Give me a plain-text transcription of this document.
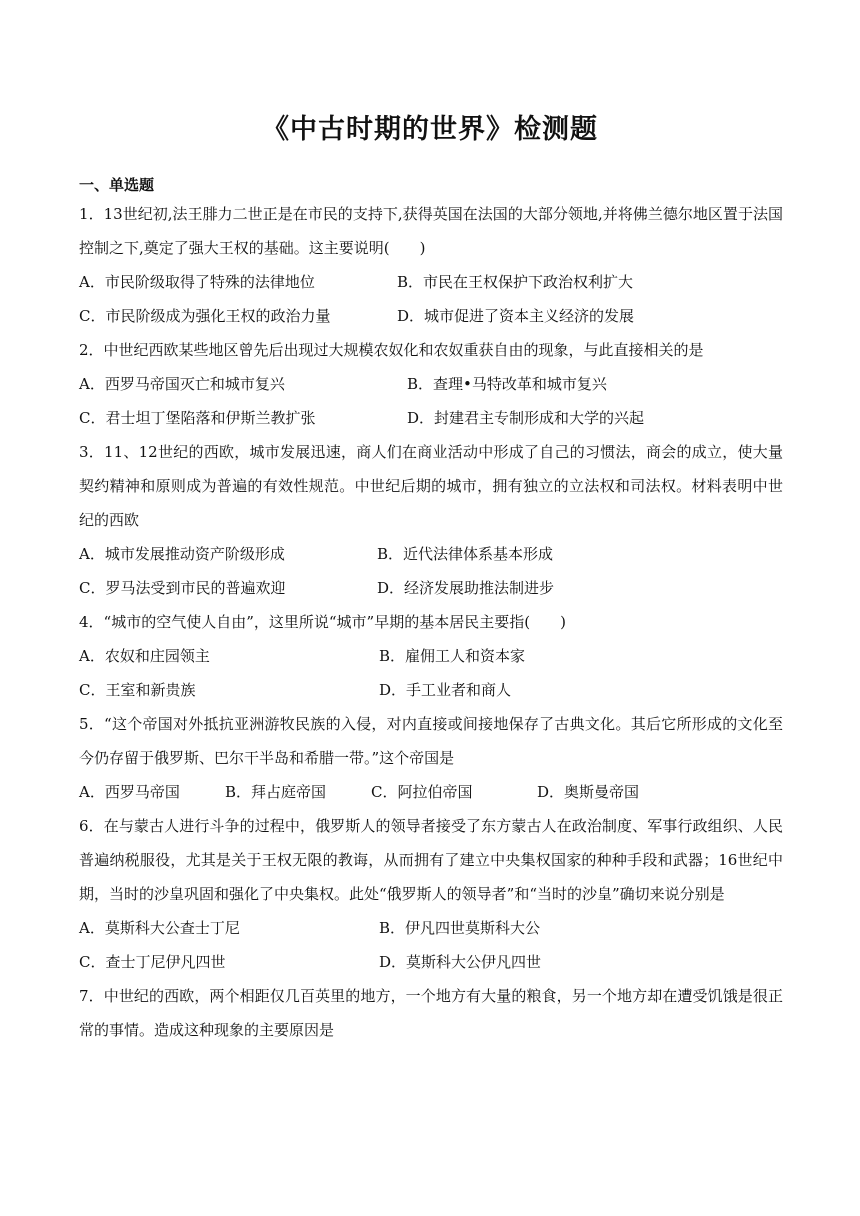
《中古时期的世界》检测题
一、单选题

1．13世纪初,法王腓力二世正是在市民的支持下,获得英国在法国的大部分领地,并将佛兰德尔地区置于法国控制之下,奠定了强大王权的基础。这主要说明(　　)

A．市民阶级取得了特殊的法律地位	B．市民在王权保护下政治权利扩大
C．市民阶级成为强化王权的政治力量	D．城市促进了资本主义经济的发展

2．中世纪西欧某些地区曾先后出现过大规模农奴化和农奴重获自由的现象，与此直接相关的是

A．西罗马帝国灭亡和城市复兴	B．查理•马特改革和城市复兴
C．君士坦丁堡陷落和伊斯兰教扩张	D．封建君主专制形成和大学的兴起

3．11、12世纪的西欧，城市发展迅速，商人们在商业活动中形成了自己的习惯法，商会的成立，使大量契约精神和原则成为普遍的有效性规范。中世纪后期的城市，拥有独立的立法权和司法权。材料表明中世纪的西欧

A．城市发展推动资产阶级形成	B．近代法律体系基本形成
C．罗马法受到市民的普遍欢迎	D．经济发展助推法制进步

4．“城市的空气使人自由”，这里所说“城市”早期的基本居民主要指(　　)

A．农奴和庄园领主	B．雇佣工人和资本家
C．王室和新贵族	D．手工业者和商人

5．“这个帝国对外抵抗亚洲游牧民族的入侵，对内直接或间接地保存了古典文化。其后它所形成的文化至今仍存留于俄罗斯、巴尔干半岛和希腊一带。”这个帝国是

A．西罗马帝国	B．拜占庭帝国	C．阿拉伯帝国	D．奥斯曼帝国

6．在与蒙古人进行斗争的过程中，俄罗斯人的领导者接受了东方蒙古人在政治制度、军事行政组织、人民普遍纳税服役，尤其是关于王权无限的教诲，从而拥有了建立中央集权国家的种种手段和武器；16世纪中期，当时的沙皇巩固和强化了中央集权。此处“俄罗斯人的领导者”和“当时的沙皇”确切来说分别是

A．莫斯科大公查士丁尼	B．伊凡四世莫斯科大公
C．查士丁尼伊凡四世	D．莫斯科大公伊凡四世

7．中世纪的西欧，两个相距仅几百英里的地方，一个地方有大量的粮食，另一个地方却在遭受饥饿是很正常的事情。造成这种现象的主要原因是
